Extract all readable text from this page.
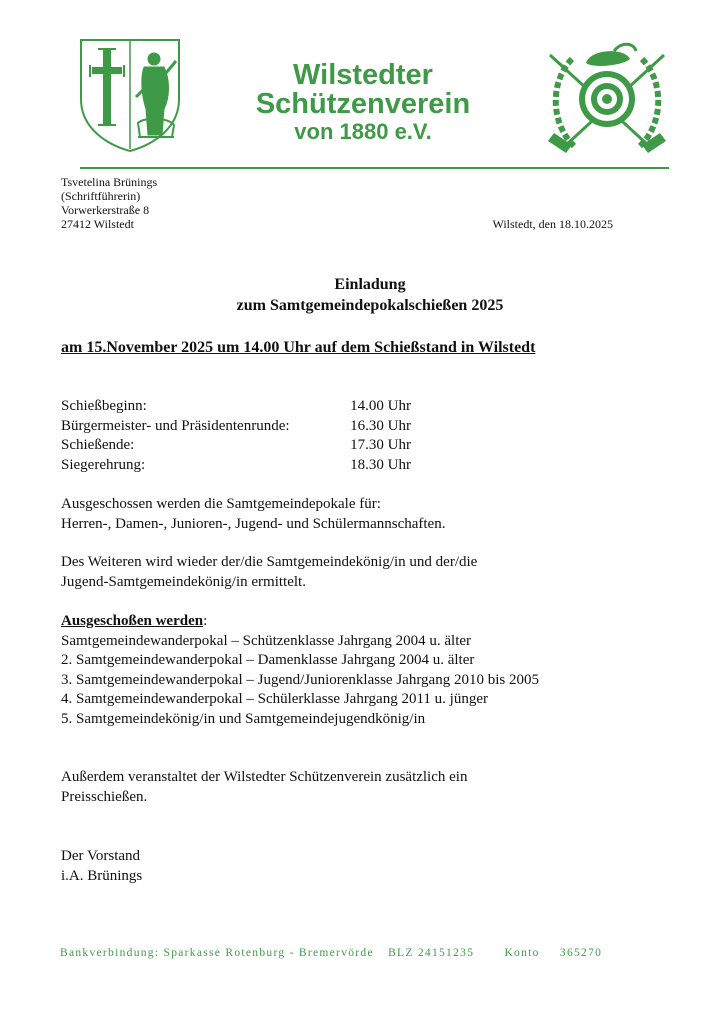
Wilstedter
Schützenverein
von 1880 e.V.
Tsvetelina Brünings
(Schriftführerin)
Vorwerkerstraße 8
27412 Wilstedt	Wilstedt, den 18.10.2025
Einladung
zum Samtgemeindepokalschießen 2025
am 15.November 2025 um 14.00 Uhr auf dem Schießstand in Wilstedt
Schießbeginn:	14.00 Uhr
Bürgermeister- und Präsidentenrunde:	16.30 Uhr
Schießende:	17.30 Uhr
Siegerehrung:	18.30 Uhr
Ausgeschossen werden die Samtgemeindepokale für:
Herren-, Damen-, Junioren-, Jugend- und Schülermannschaften.
Des Weiteren wird wieder der/die Samtgemeindekönig/in und der/die
Jugend-Samtgemeindekönig/in ermittelt.
Ausgeschoßen werden:
Samtgemeindewanderpokal – Schützenklasse Jahrgang 2004 u. älter
2. Samtgemeindewanderpokal – Damenklasse Jahrgang 2004 u. älter
3. Samtgemeindewanderpokal – Jugend/Juniorenklasse Jahrgang 2010 bis 2005
4. Samtgemeindewanderpokal – Schülerklasse Jahrgang 2011 u. jünger
5. Samtgemeindekönig/in und Samtgemeindejugendkönig/in
Außerdem veranstaltet der Wilstedter Schützenverein zusätzlich ein
Preisschießen.
Der Vorstand
i.A. Brünings
Bankverbindung: Sparkasse Rotenburg - Bremervörde BLZ 24151235	Konto 365270
